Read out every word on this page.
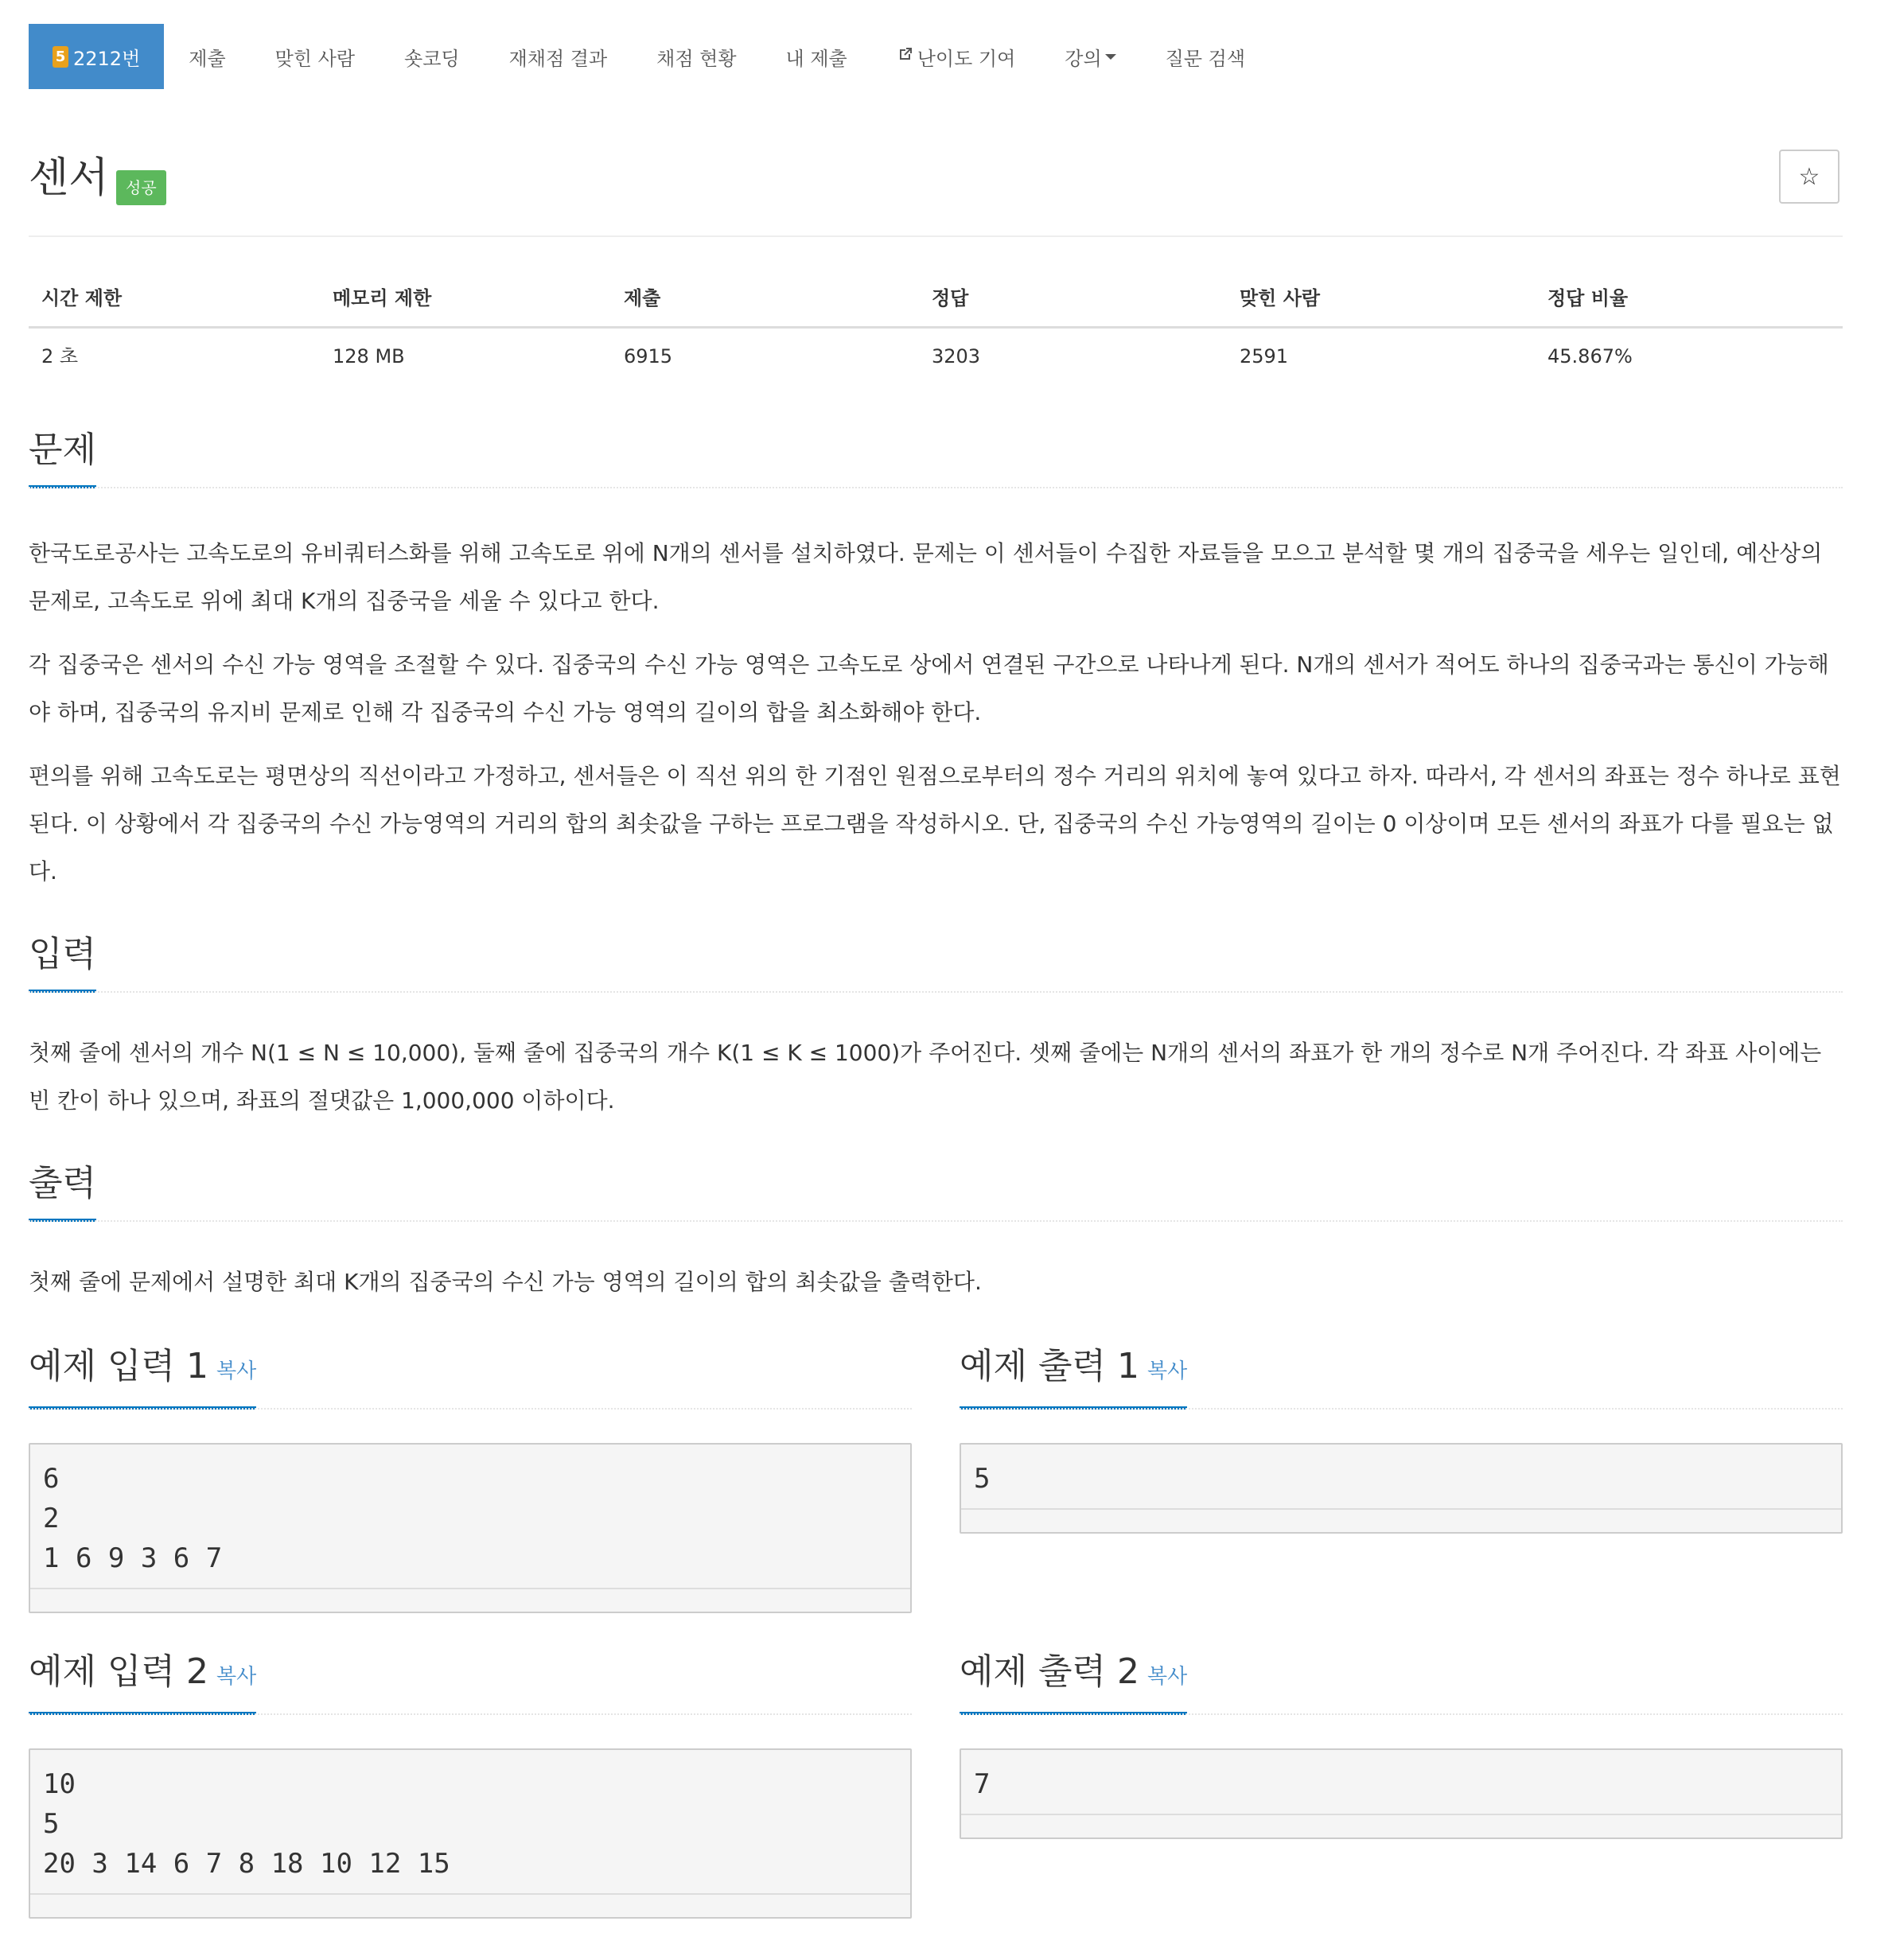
5 2212번	제출	맞힌 사람	숏코딩	재채점 결과	채점 현황	내 제출	난이도 기여	강의	질문 검색
센서	성공	☆
시간 제한	메모리 제한	제출	정답	맞힌 사람	정답 비율
2 초	128 MB	6915	3203	2591	45.867%
문제

한국도로공사는 고속도로의 유비쿼터스화를 위해 고속도로 위에 N개의 센서를 설치하였다. 문제는 이 센서들이 수집한 자료들을 모으고 분석할 몇 개의 집중국을 세우는 일인데, 예산상의 문제로, 고속도로 위에 최대 K개의 집중국을 세울 수 있다고 한다.

각 집중국은 센서의 수신 가능 영역을 조절할 수 있다. 집중국의 수신 가능 영역은 고속도로 상에서 연결된 구간으로 나타나게 된다. N개의 센서가 적어도 하나의 집중국과는 통신이 가능해야 하며, 집중국의 유지비 문제로 인해 각 집중국의 수신 가능 영역의 길이의 합을 최소화해야 한다.

편의를 위해 고속도로는 평면상의 직선이라고 가정하고, 센서들은 이 직선 위의 한 기점인 원점으로부터의 정수 거리의 위치에 놓여 있다고 하자. 따라서, 각 센서의 좌표는 정수 하나로 표현된다. 이 상황에서 각 집중국의 수신 가능영역의 거리의 합의 최솟값을 구하는 프로그램을 작성하시오. 단, 집중국의 수신 가능영역의 길이는 0 이상이며 모든 센서의 좌표가 다를 필요는 없다.

입력

첫째 줄에 센서의 개수 N(1 ≤ N ≤ 10,000), 둘째 줄에 집중국의 개수 K(1 ≤ K ≤ 1000)가 주어진다. 셋째 줄에는 N개의 센서의 좌표가 한 개의 정수로 N개 주어진다. 각 좌표 사이에는 빈 칸이 하나 있으며, 좌표의 절댓값은 1,000,000 이하이다.

출력

첫째 줄에 문제에서 설명한 최대 K개의 집중국의 수신 가능 영역의 길이의 합의 최솟값을 출력한다.

예제 입력 1 복사
6
2
1 6 9 3 6 7
예제 출력 1 복사
5
예제 입력 2 복사
10
5
20 3 14 6 7 8 18 10 12 15
예제 출력 2 복사
7
